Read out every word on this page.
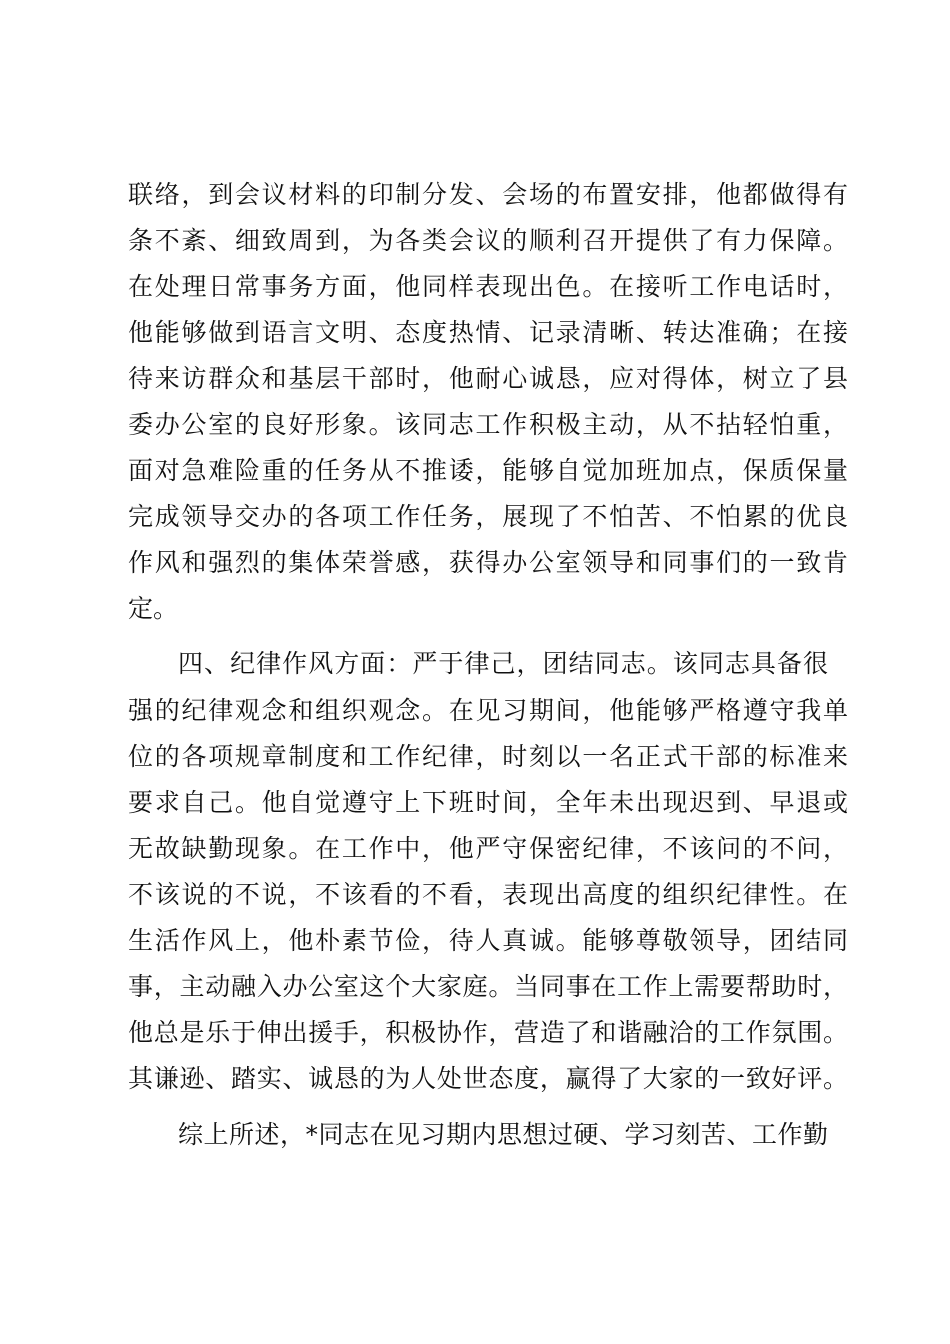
联络，到会议材料的印制分发、会场的布置安排，他都做得有
条不紊、细致周到，为各类会议的顺利召开提供了有力保障。
在处理日常事务方面，他同样表现出色。在接听工作电话时，
他能够做到语言文明、态度热情、记录清晰、转达准确；在接
待来访群众和基层干部时，他耐心诚恳，应对得体，树立了县
委办公室的良好形象。该同志工作积极主动，从不拈轻怕重，
面对急难险重的任务从不推诿，能够自觉加班加点，保质保量
完成领导交办的各项工作任务，展现了不怕苦、不怕累的优良
作风和强烈的集体荣誉感，获得办公室领导和同事们的一致肯
定。
四、纪律作风方面：严于律己，团结同志。该同志具备很
强的纪律观念和组织观念。在见习期间，他能够严格遵守我单
位的各项规章制度和工作纪律，时刻以一名正式干部的标准来
要求自己。他自觉遵守上下班时间，全年未出现迟到、早退或
无故缺勤现象。在工作中，他严守保密纪律，不该问的不问，
不该说的不说，不该看的不看，表现出高度的组织纪律性。在
生活作风上，他朴素节俭，待人真诚。能够尊敬领导，团结同
事，主动融入办公室这个大家庭。当同事在工作上需要帮助时，
他总是乐于伸出援手，积极协作，营造了和谐融洽的工作氛围。
其谦逊、踏实、诚恳的为人处世态度，赢得了大家的一致好评。
综上所述，*同志在见习期内思想过硬、学习刻苦、工作勤
